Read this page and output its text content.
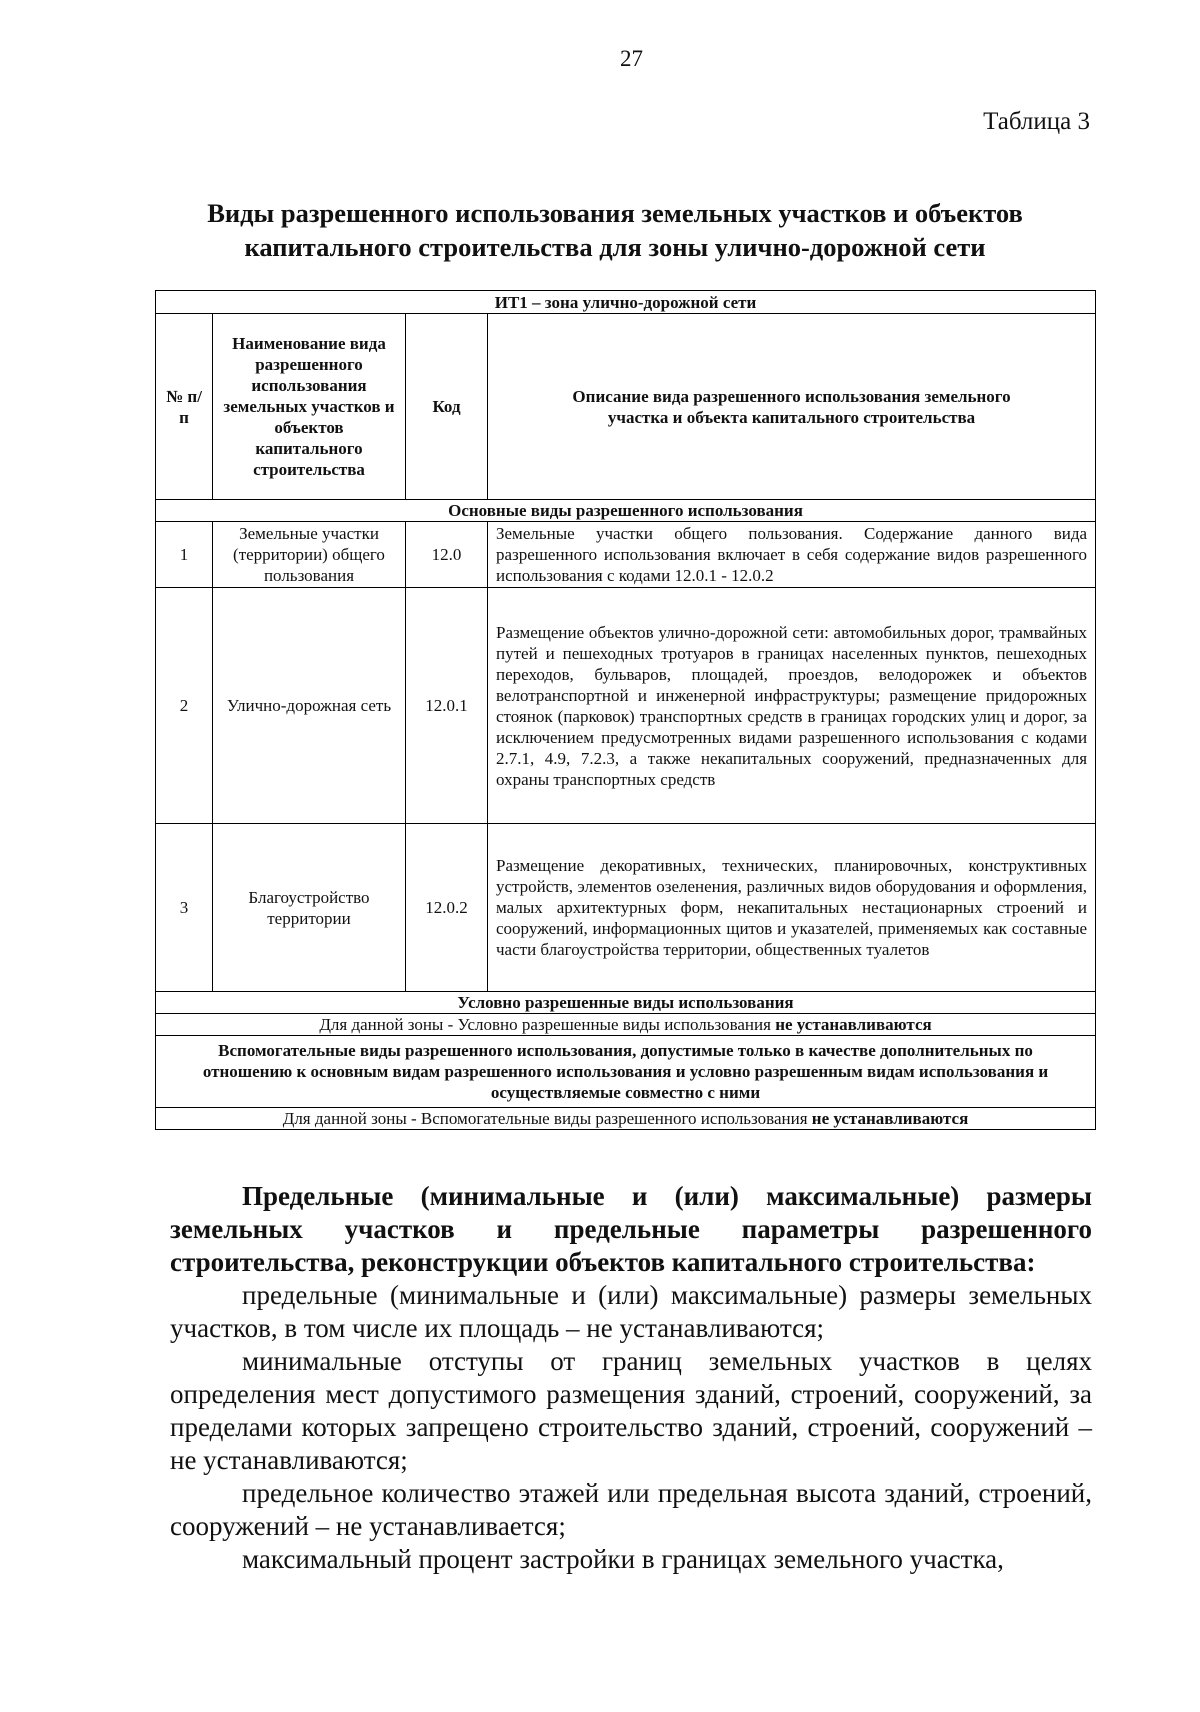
27
Таблица 3
Виды разрешенного использования земельных участков и объектов
капитального строительства для зоны улично-дорожной сети
ИТ1 – зона улично-дорожной сети			
№ п/п	Наименование вида разрешенного использования земельных участков и объектов капитального строительства	Код	Описание вида разрешенного использования земельного участка и объекта капитального строительства
Основные виды разрешенного использования			
1	Земельные участки (территории) общего пользования	12.0	Земельные участки общего пользования. Содержание данного вида разрешенного использования включает в себя содержание видов разрешенного использования с кодами 12.0.1 - 12.0.2
2	Улично-дорожная сеть	12.0.1	Размещение объектов улично-дорожной сети: автомобильных дорог, трамвайных путей и пешеходных тротуаров в границах населенных пунктов, пешеходных переходов, бульваров, площадей, проездов, велодорожек и объектов велотранспортной и инженерной инфраструктуры; размещение придорожных стоянок (парковок) транспортных средств в границах городских улиц и дорог, за исключением предусмотренных видами разрешенного использования с кодами 2.7.1, 4.9, 7.2.3, а также некапитальных сооружений, предназначенных для охраны транспортных средств
3	Благоустройство территории	12.0.2	Размещение декоративных, технических, планировочных, конструктивных устройств, элементов озеленения, различных видов оборудования и оформления, малых архитектурных форм, некапитальных нестационарных строений и сооружений, информационных щитов и указателей, применяемых как составные части благоустройства территории, общественных туалетов
Условно разрешенные виды использования			
Для данной зоны - Условно разрешенные виды использования не устанавливаются			
Вспомогательные виды разрешенного использования, допустимые только в качестве дополнительных по отношению к основным видам разрешенного использования и условно разрешенным видам использования и осуществляемые совместно с ними			
Для данной зоны - Вспомогательные виды разрешенного использования не устанавливаются			

Предельные (минимальные и (или) максимальные) размеры земельных участков и предельные параметры разрешенного строительства, реконструкции объектов капитального строительства:

предельные (минимальные и (или) максимальные) размеры земельных участков, в том числе их площадь – не устанавливаются;

минимальные отступы от границ земельных участков в целях определения мест допустимого размещения зданий, строений, сооружений, за пределами которых запрещено строительство зданий, строений, сооружений – не устанавливаются;

предельное количество этажей или предельная высота зданий, строений, сооружений – не устанавливается;

максимальный процент застройки в границах земельного участка,
